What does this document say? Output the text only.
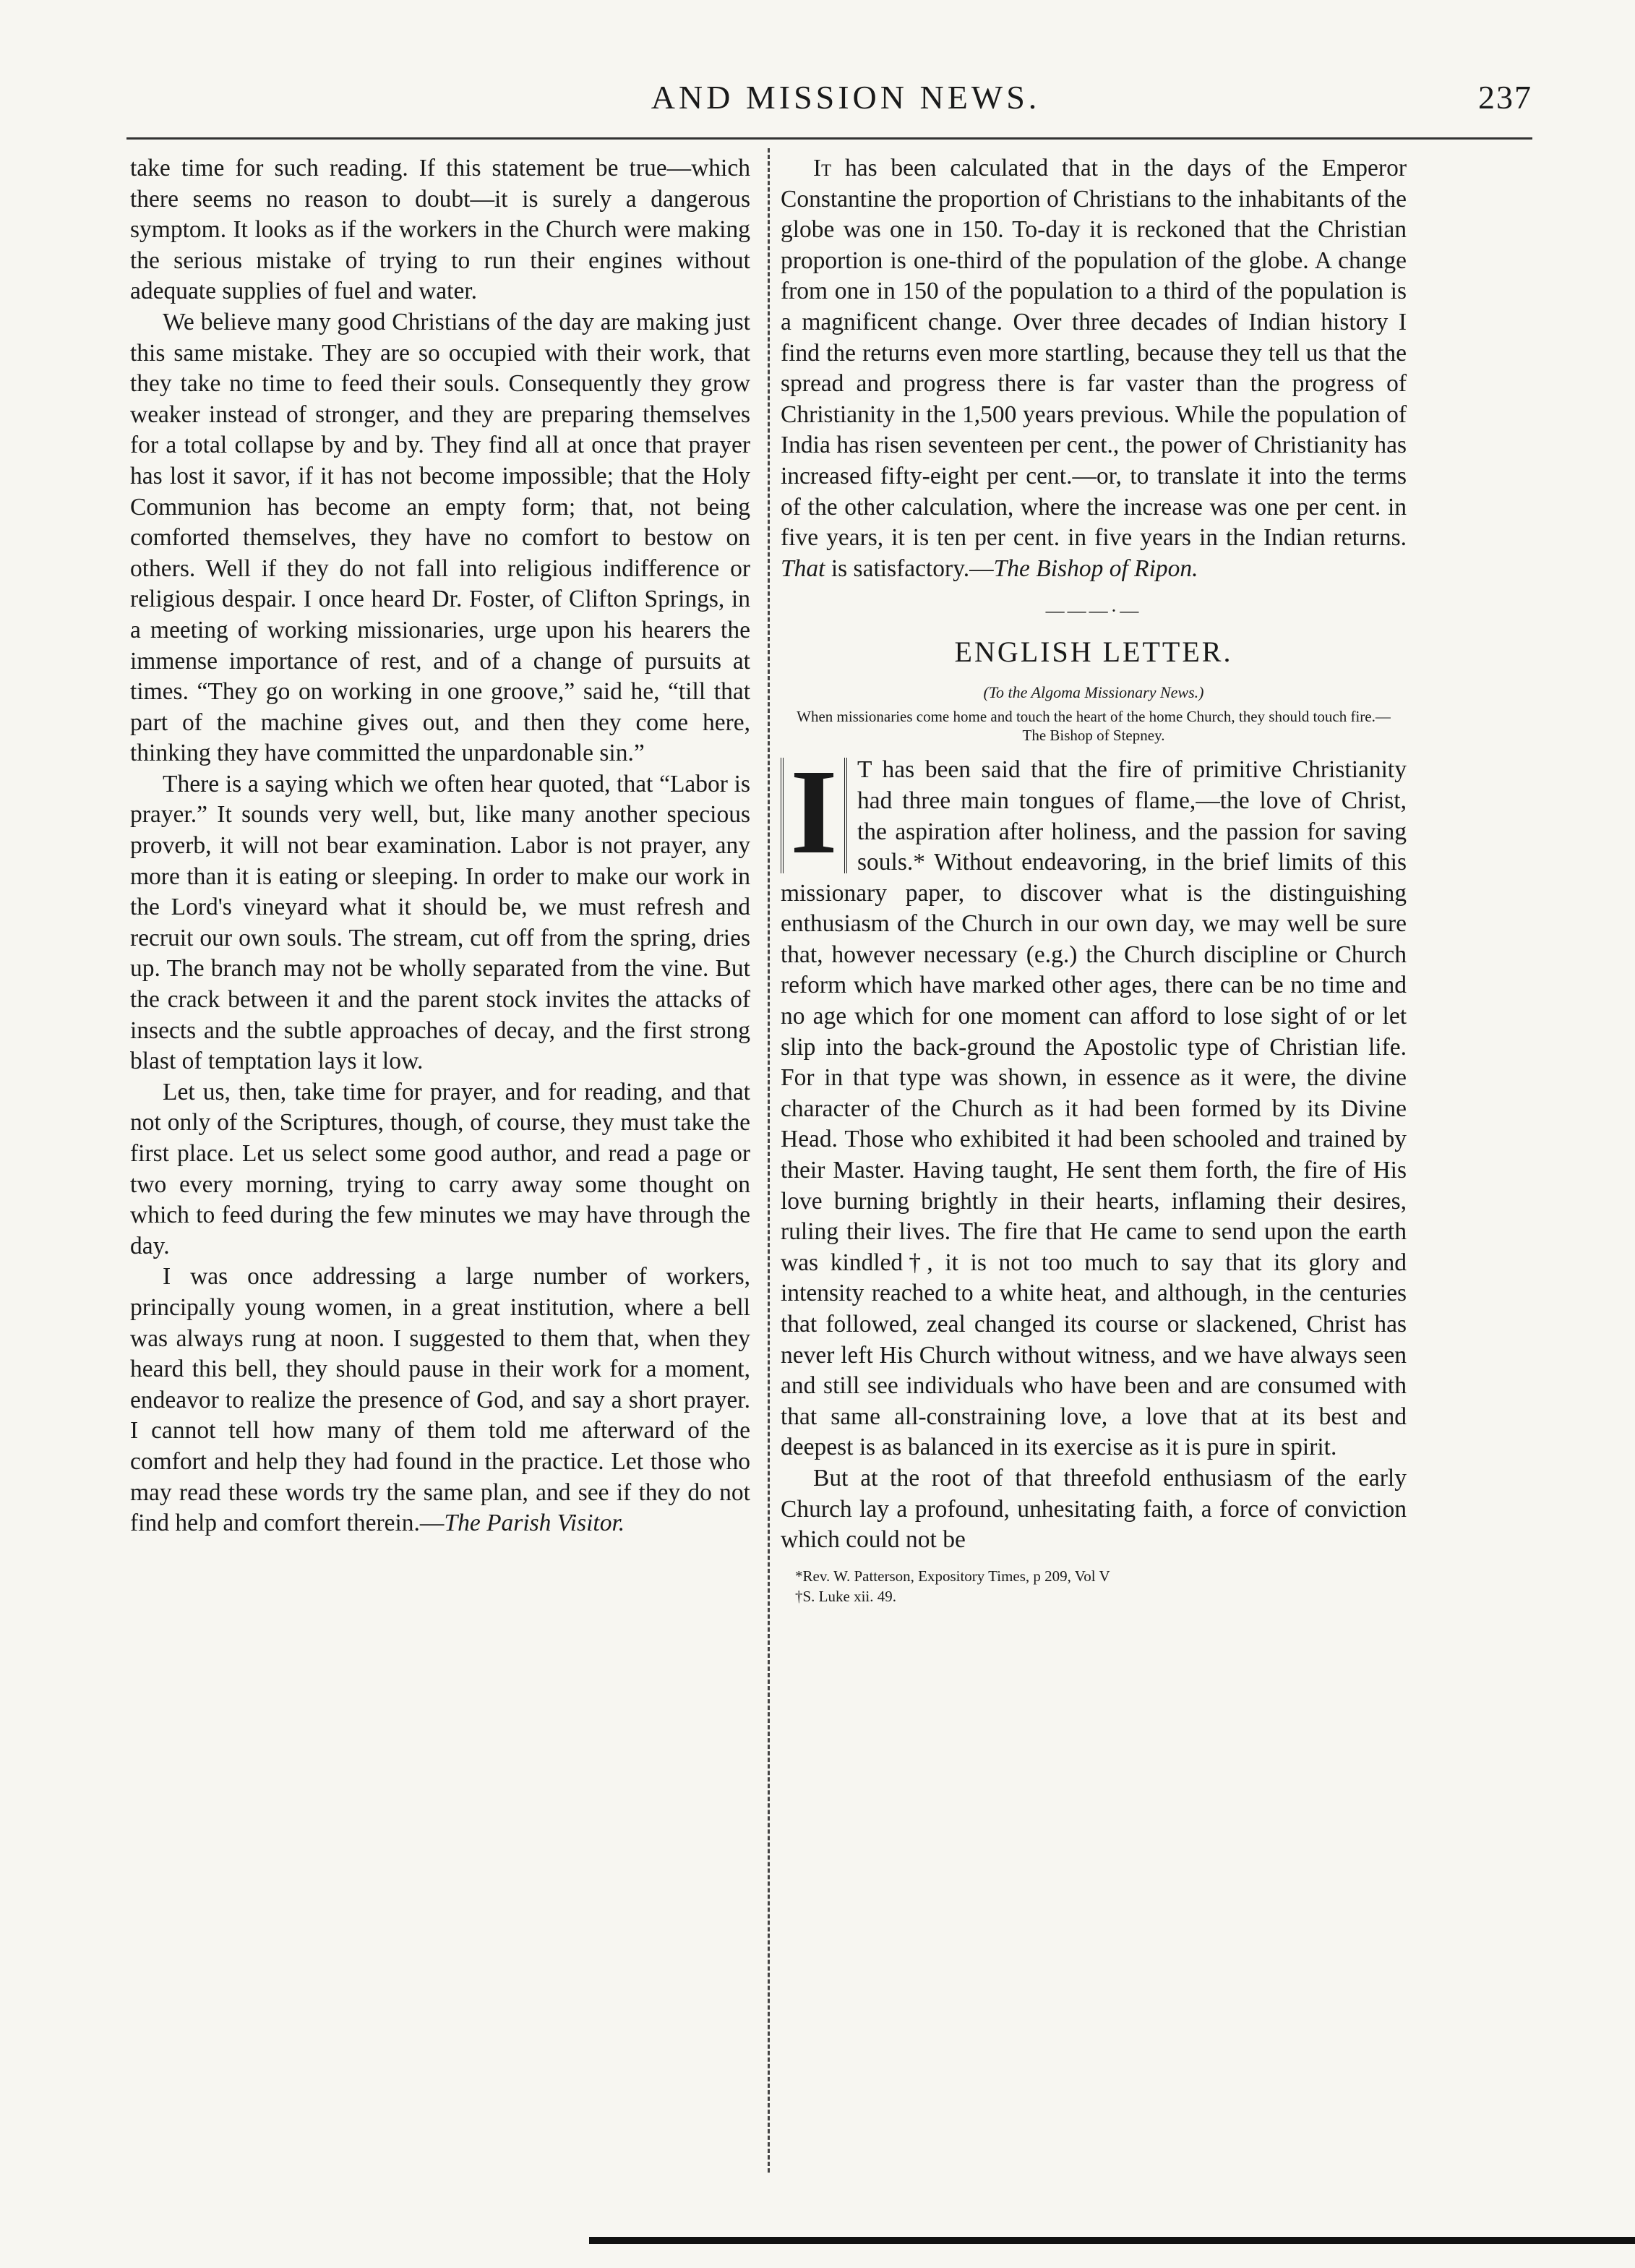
AND MISSION NEWS.	237

take time for such reading. If this statement be true—which there seems no reason to doubt—it is surely a dangerous symptom. It looks as if the workers in the Church were making the serious mistake of trying to run their engines without adequate supplies of fuel and water.

We believe many good Christians of the day are making just this same mistake. They are so occupied with their work, that they take no time to feed their souls. Consequently they grow weaker instead of stronger, and they are preparing themselves for a total collapse by and by. They find all at once that prayer has lost it savor, if it has not become impossible; that the Holy Communion has become an empty form; that, not being comforted themselves, they have no comfort to bestow on others. Well if they do not fall into religious indifference or religious despair. I once heard Dr. Foster, of Clifton Springs, in a meeting of working missionaries, urge upon his hearers the immense importance of rest, and of a change of pursuits at times. “They go on working in one groove,” said he, “till that part of the machine gives out, and then they come here, thinking they have committed the unpardonable sin.”

There is a saying which we often hear quoted, that “Labor is prayer.” It sounds very well, but, like many another specious proverb, it will not bear examination. Labor is not prayer, any more than it is eating or sleeping. In order to make our work in the Lord's vineyard what it should be, we must refresh and recruit our own souls. The stream, cut off from the spring, dries up. The branch may not be wholly separated from the vine. But the crack between it and the parent stock invites the attacks of insects and the subtle approaches of decay, and the first strong blast of temptation lays it low.

Let us, then, take time for prayer, and for reading, and that not only of the Scriptures, though, of course, they must take the first place. Let us select some good author, and read a page or two every morning, trying to carry away some thought on which to feed during the few minutes we may have through the day.

I was once addressing a large number of workers, principally young women, in a great institution, where a bell was always rung at noon. I suggested to them that, when they heard this bell, they should pause in their work for a moment, endeavor to realize the presence of God, and say a short prayer. I cannot tell how many of them told me afterward of the comfort and help they had found in the practice. Let those who may read these words try the same plan, and see if they do not find help and comfort therein.—The Parish Visitor.

It has been calculated that in the days of the Emperor Constantine the proportion of Christians to the inhabitants of the globe was one in 150. To-day it is reckoned that the Christian proportion is one-third of the population of the globe. A change from one in 150 of the population to a third of the population is a magnificent change. Over three decades of Indian history I find the returns even more startling, because they tell us that the spread and progress there is far vaster than the progress of Christianity in the 1,500 years previous. While the population of India has risen seventeen per cent., the power of Christianity has increased fifty-eight per cent.—or, to translate it into the terms of the other calculation, where the increase was one per cent. in five years, it is ten per cent. in five years in the Indian returns. That is satisfactory.—The Bishop of Ripon.

———·—
ENGLISH LETTER.
(To the Algoma Missionary News.)
When missionaries come home and touch the heart of the home Church, they should touch fire.—The Bishop of Stepney.
I T has been said that the fire of primitive Christianity had three main tongues of flame,—the love of Christ, the aspiration after holiness, and the passion for saving souls.* Without endeavoring, in the brief limits of this missionary paper, to discover what is the distinguishing enthusiasm of the Church in our own day, we may well be sure that, however necessary (e.g.) the Church discipline or Church reform which have marked other ages, there can be no time and no age which for one moment can afford to lose sight of or let slip into the back-ground the Apostolic type of Christian life. For in that type was shown, in essence as it were, the divine character of the Church as it had been formed by its Divine Head. Those who exhibited it had been schooled and trained by their Master. Having taught, He sent them forth, the fire of His love burning brightly in their hearts, inflaming their desires, ruling their lives. The fire that He came to send upon the earth was kindled†, it is not too much to say that its glory and intensity reached to a white heat, and although, in the centuries that followed, zeal changed its course or slackened, Christ has never left His Church without witness, and we have always seen and still see individuals who have been and are consumed with that same all-constraining love, a love that at its best and deepest is as balanced in its exercise as it is pure in spirit.

But at the root of that threefold enthusiasm of the early Church lay a profound, unhesitating faith, a force of conviction which could not be

*Rev. W. Patterson, Expository Times, p 209, Vol V
†S. Luke xii. 49.
